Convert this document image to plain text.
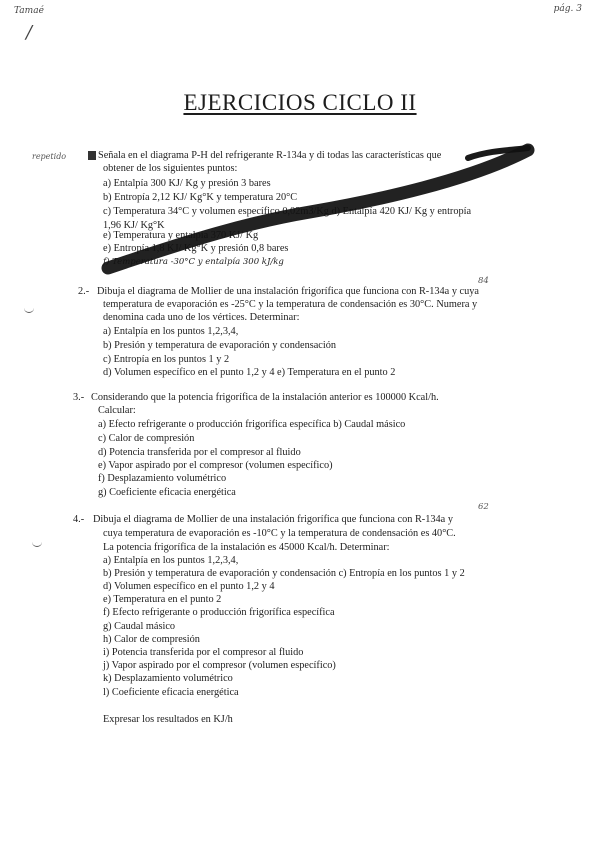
Tamaé
/
pág. 3
EJERCICIOS CICLO II
repetido	Señala en el diagrama P-H del refrigerante R-134a y di todas las características que

obtener de los siguientes puntos:

a) Entalpía 300 KJ/ Kg y presión 3 bares

b) Entropía 2,12 KJ/ Kg°K y temperatura 20°C

c) Temperatura 34°C y volumen específico 0,02m3/Kg d) Entalpía 420 KJ/ Kg y entropía

1,96 KJ/ Kg°K

e) Temperatura y entalpía 370 KJ/ Kg

e) Entropía 1,8 KJ/ Kg°K y presión 0,8 bares

f) Temperatura -30°C y entalpía 300 kJ/kg

84

2.- Dibuja el diagrama de Mollier de una instalación frigorífica que funciona con R-134a y cuya

temperatura de evaporación es -25°C y la temperatura de condensación es 30°C. Numera y

denomina cada uno de los vértices. Determinar:

a) Entalpía en los puntos 1,2,3,4,

b) Presión y temperatura de evaporación y condensación

c) Entropía en los puntos 1 y 2

d) Volumen específico en el punto 1,2 y 4 e) Temperatura en el punto 2

3.- Considerando que la potencia frigorífica de la instalación anterior es 100000 Kcal/h.

Calcular:

a) Efecto refrigerante o producción frigorífica específica b) Caudal másico

c) Calor de compresión

d) Potencia transferida por el compresor al fluido

e) Vapor aspirado por el compresor (volumen específico)

f) Desplazamiento volumétrico

g) Coeficiente eficacia energética

62

4.- Dibuja el diagrama de Mollier de una instalación frigorífica que funciona con R-134a y

cuya temperatura de evaporación es -10°C y la temperatura de condensación es 40°C.

La potencia frigorífica de la instalación es 45000 Kcal/h. Determinar:

a) Entalpía en los puntos 1,2,3,4,

b) Presión y temperatura de evaporación y condensación c) Entropía en los puntos 1 y 2

d) Volumen específico en el punto 1,2 y 4

e) Temperatura en el punto 2

f) Efecto refrigerante o producción frigorífica específica

g) Caudal másico

h) Calor de compresión

i) Potencia transferida por el compresor al fluido

j) Vapor aspirado por el compresor (volumen específico)

k) Desplazamiento volumétrico

l) Coeficiente eficacia energética

Expresar los resultados en KJ/h
